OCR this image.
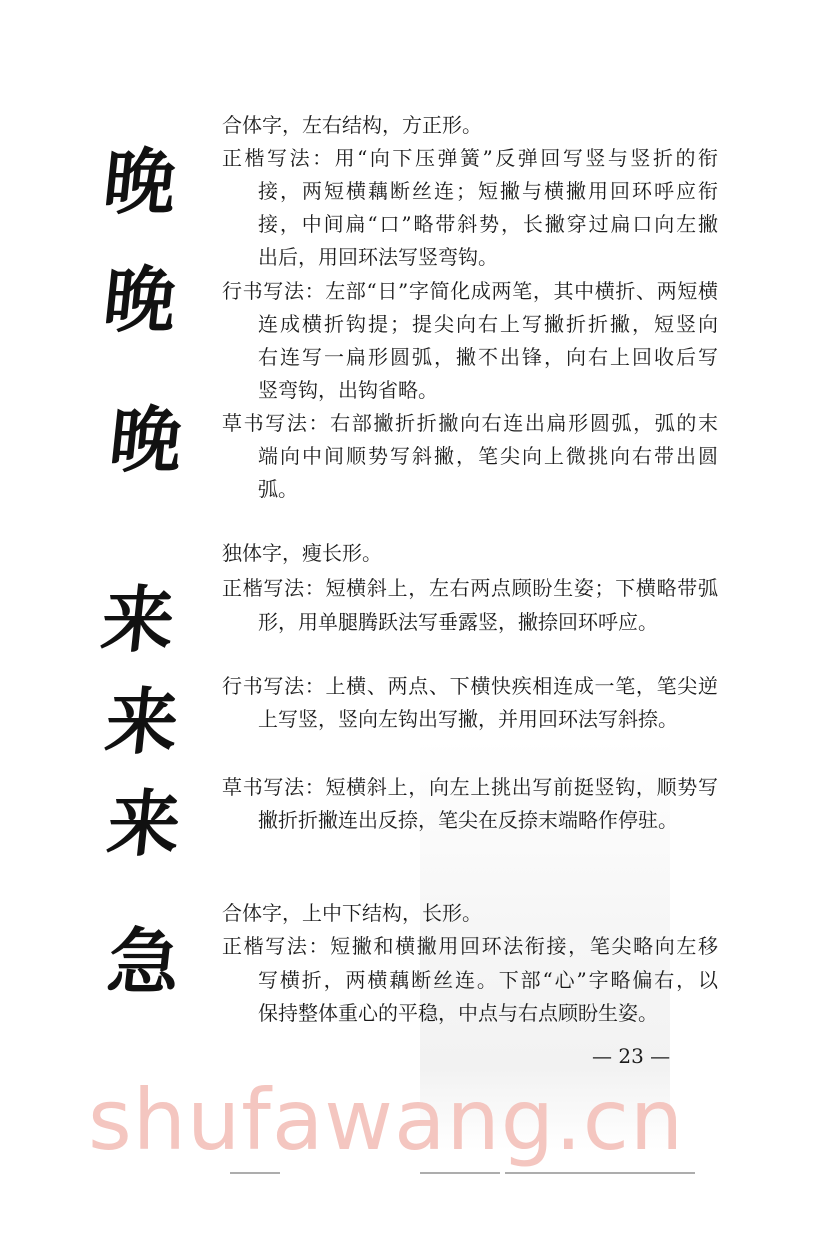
shufawang.cn
晚
晚
晚
来
来
来
急
合体字，左右结构，方正形。
正楷写法：用“向下压弹簧”反弹回写竖与竖折的衔
接，两短横藕断丝连；短撇与横撇用回环呼应衔
接，中间扁“口”略带斜势，长撇穿过扁口向左撇
出后，用回环法写竖弯钩。
行书写法：左部“日”字简化成两笔，其中横折、两短横
连成横折钩提；提尖向右上写撇折折撇，短竖向
右连写一扁形圆弧，撇不出锋，向右上回收后写
竖弯钩，出钩省略。
草书写法：右部撇折折撇向右连出扁形圆弧，弧的末
端向中间顺势写斜撇，笔尖向上微挑向右带出圆
弧。
独体字，瘦长形。
正楷写法：短横斜上，左右两点顾盼生姿；下横略带弧
形，用单腿腾跃法写垂露竖，撇捺回环呼应。
行书写法：上横、两点、下横快疾相连成一笔，笔尖逆
上写竖，竖向左钩出写撇，并用回环法写斜捺。
草书写法：短横斜上，向左上挑出写前挺竖钩，顺势写
撇折折撇连出反捺，笔尖在反捺末端略作停驻。
合体字，上中下结构，长形。
正楷写法：短撇和横撇用回环法衔接，笔尖略向左移
写横折，两横藕断丝连。下部“心”字略偏右，以
保持整体重心的平稳，中点与右点顾盼生姿。
— 23 —
